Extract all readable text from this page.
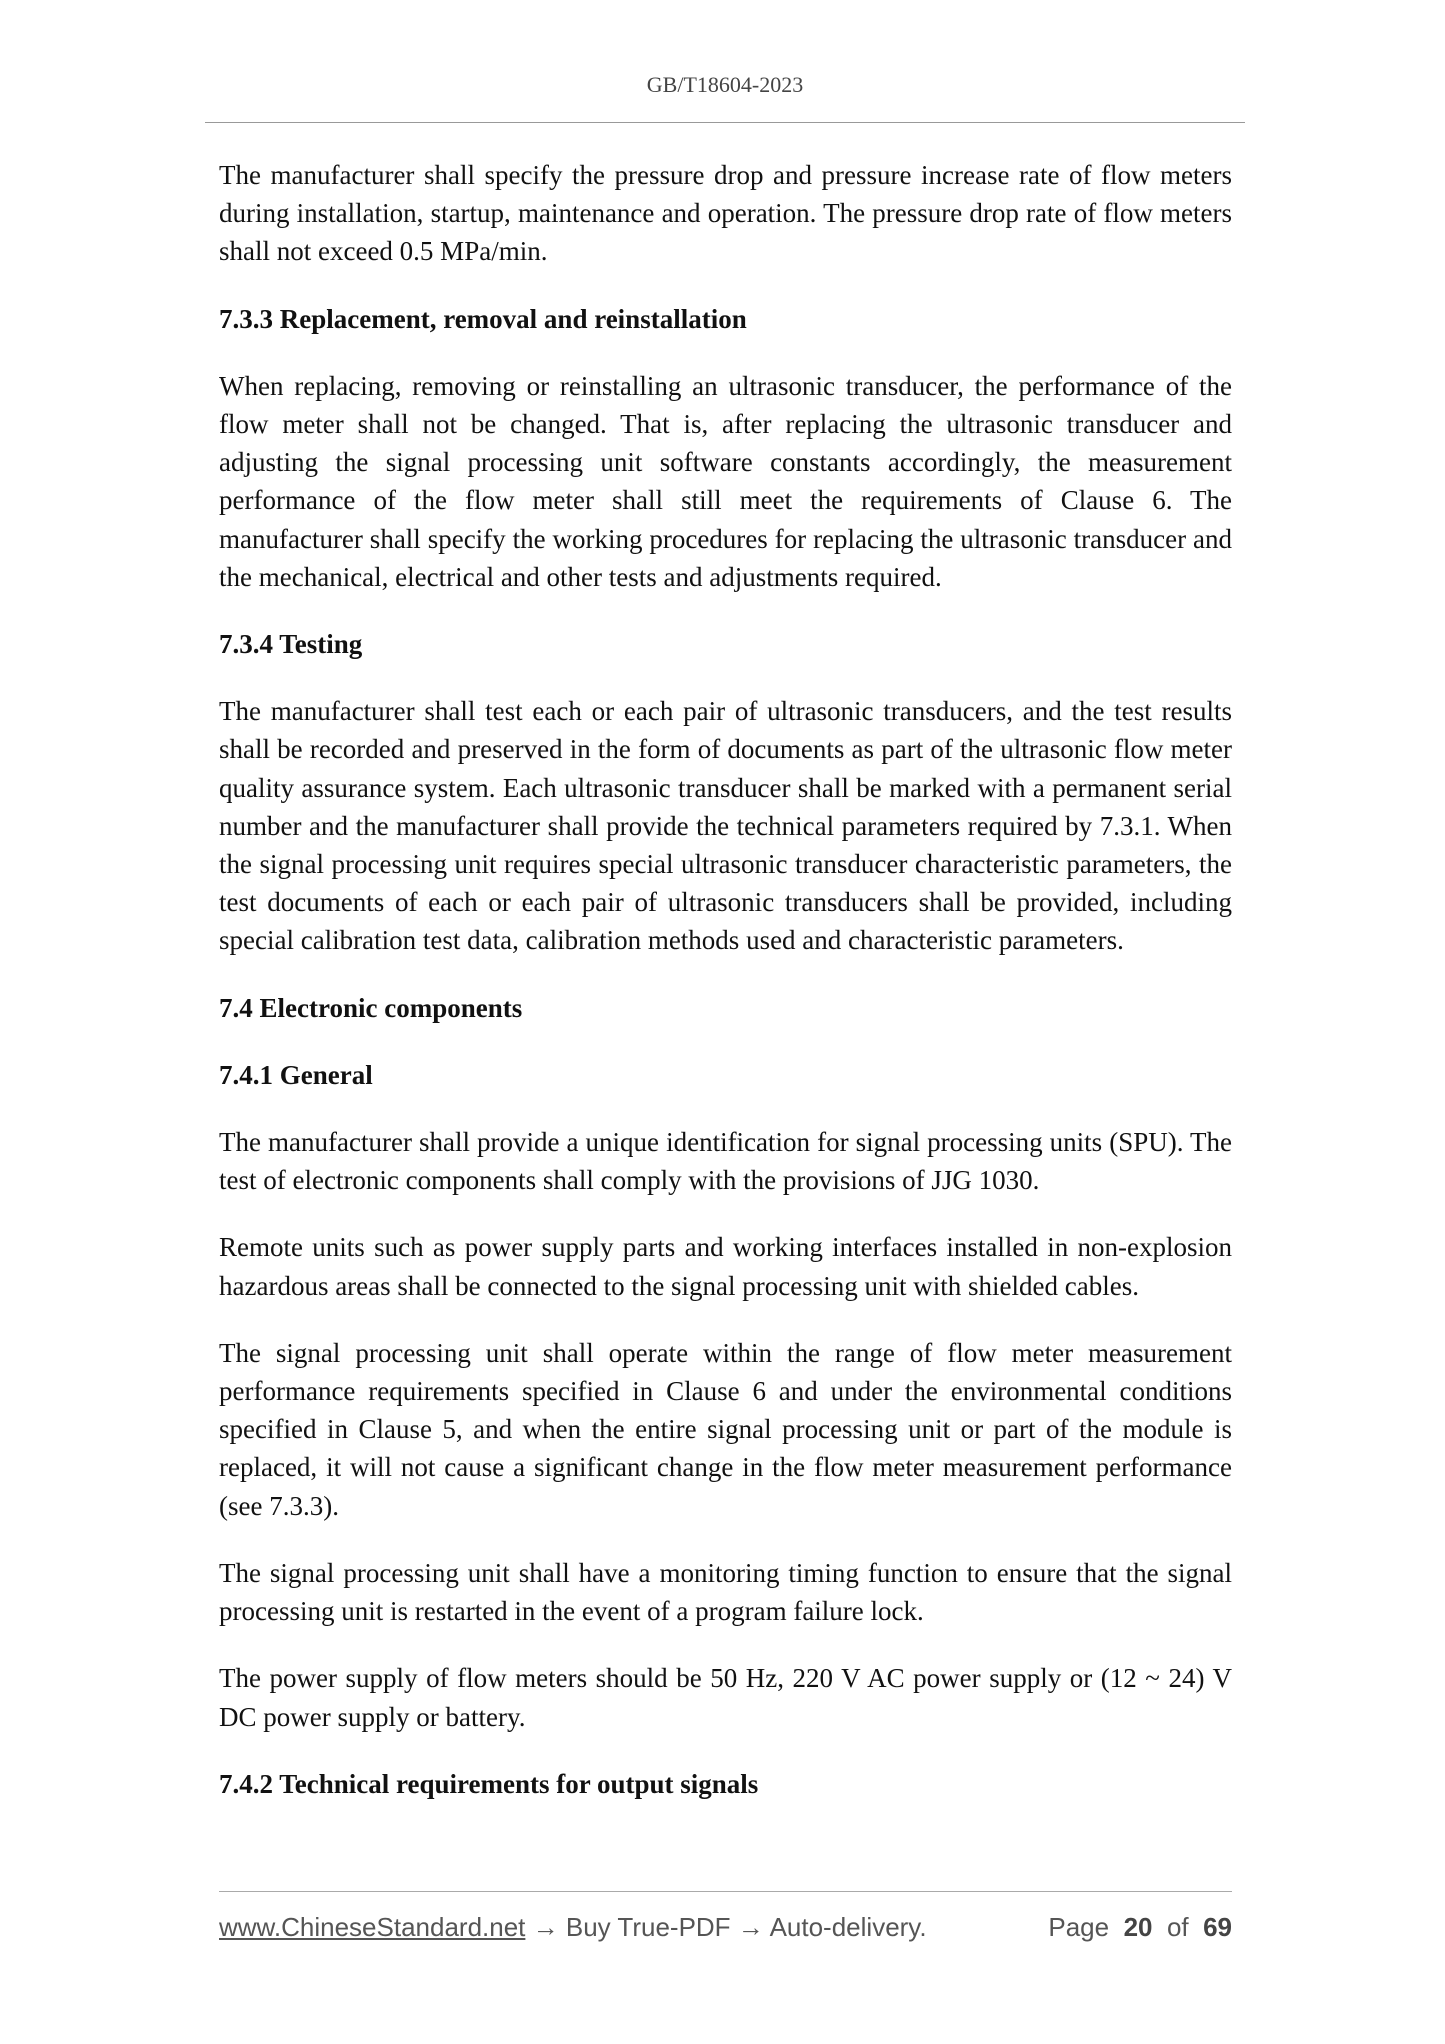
GB/T18604-2023

The manufacturer shall specify the pressure drop and pressure increase rate of flow meters during installation, startup, maintenance and operation. The pressure drop rate of flow meters shall not exceed 0.5 MPa/min.

7.3.3 Replacement, removal and reinstallation

When replacing, removing or reinstalling an ultrasonic transducer, the performance of the flow meter shall not be changed. That is, after replacing the ultrasonic transducer and adjusting the signal processing unit software constants accordingly, the measurement performance of the flow meter shall still meet the requirements of Clause 6. The manufacturer shall specify the working procedures for replacing the ultrasonic transducer and the mechanical, electrical and other tests and adjustments required.

7.3.4 Testing

The manufacturer shall test each or each pair of ultrasonic transducers, and the test results shall be recorded and preserved in the form of documents as part of the ultrasonic flow meter quality assurance system. Each ultrasonic transducer shall be marked with a permanent serial number and the manufacturer shall provide the technical parameters required by 7.3.1. When the signal processing unit requires special ultrasonic transducer characteristic parameters, the test documents of each or each pair of ultrasonic transducers shall be provided, including special calibration test data, calibration methods used and characteristic parameters.

7.4 Electronic components
7.4.1 General

The manufacturer shall provide a unique identification for signal processing units (SPU). The test of electronic components shall comply with the provisions of JJG 1030.

Remote units such as power supply parts and working interfaces installed in non-explosion hazardous areas shall be connected to the signal processing unit with shielded cables.

The signal processing unit shall operate within the range of flow meter measurement performance requirements specified in Clause 6 and under the environmental conditions specified in Clause 5, and when the entire signal processing unit or part of the module is replaced, it will not cause a significant change in the flow meter measurement performance (see 7.3.3).

The signal processing unit shall have a monitoring timing function to ensure that the signal processing unit is restarted in the event of a program failure lock.

The power supply of flow meters should be 50 Hz, 220 V AC power supply or (12 ~ 24) V DC power supply or battery.

7.4.2 Technical requirements for output signals
www.ChineseStandard.net → Buy True-PDF → Auto-delivery.	Page 20 of 69
